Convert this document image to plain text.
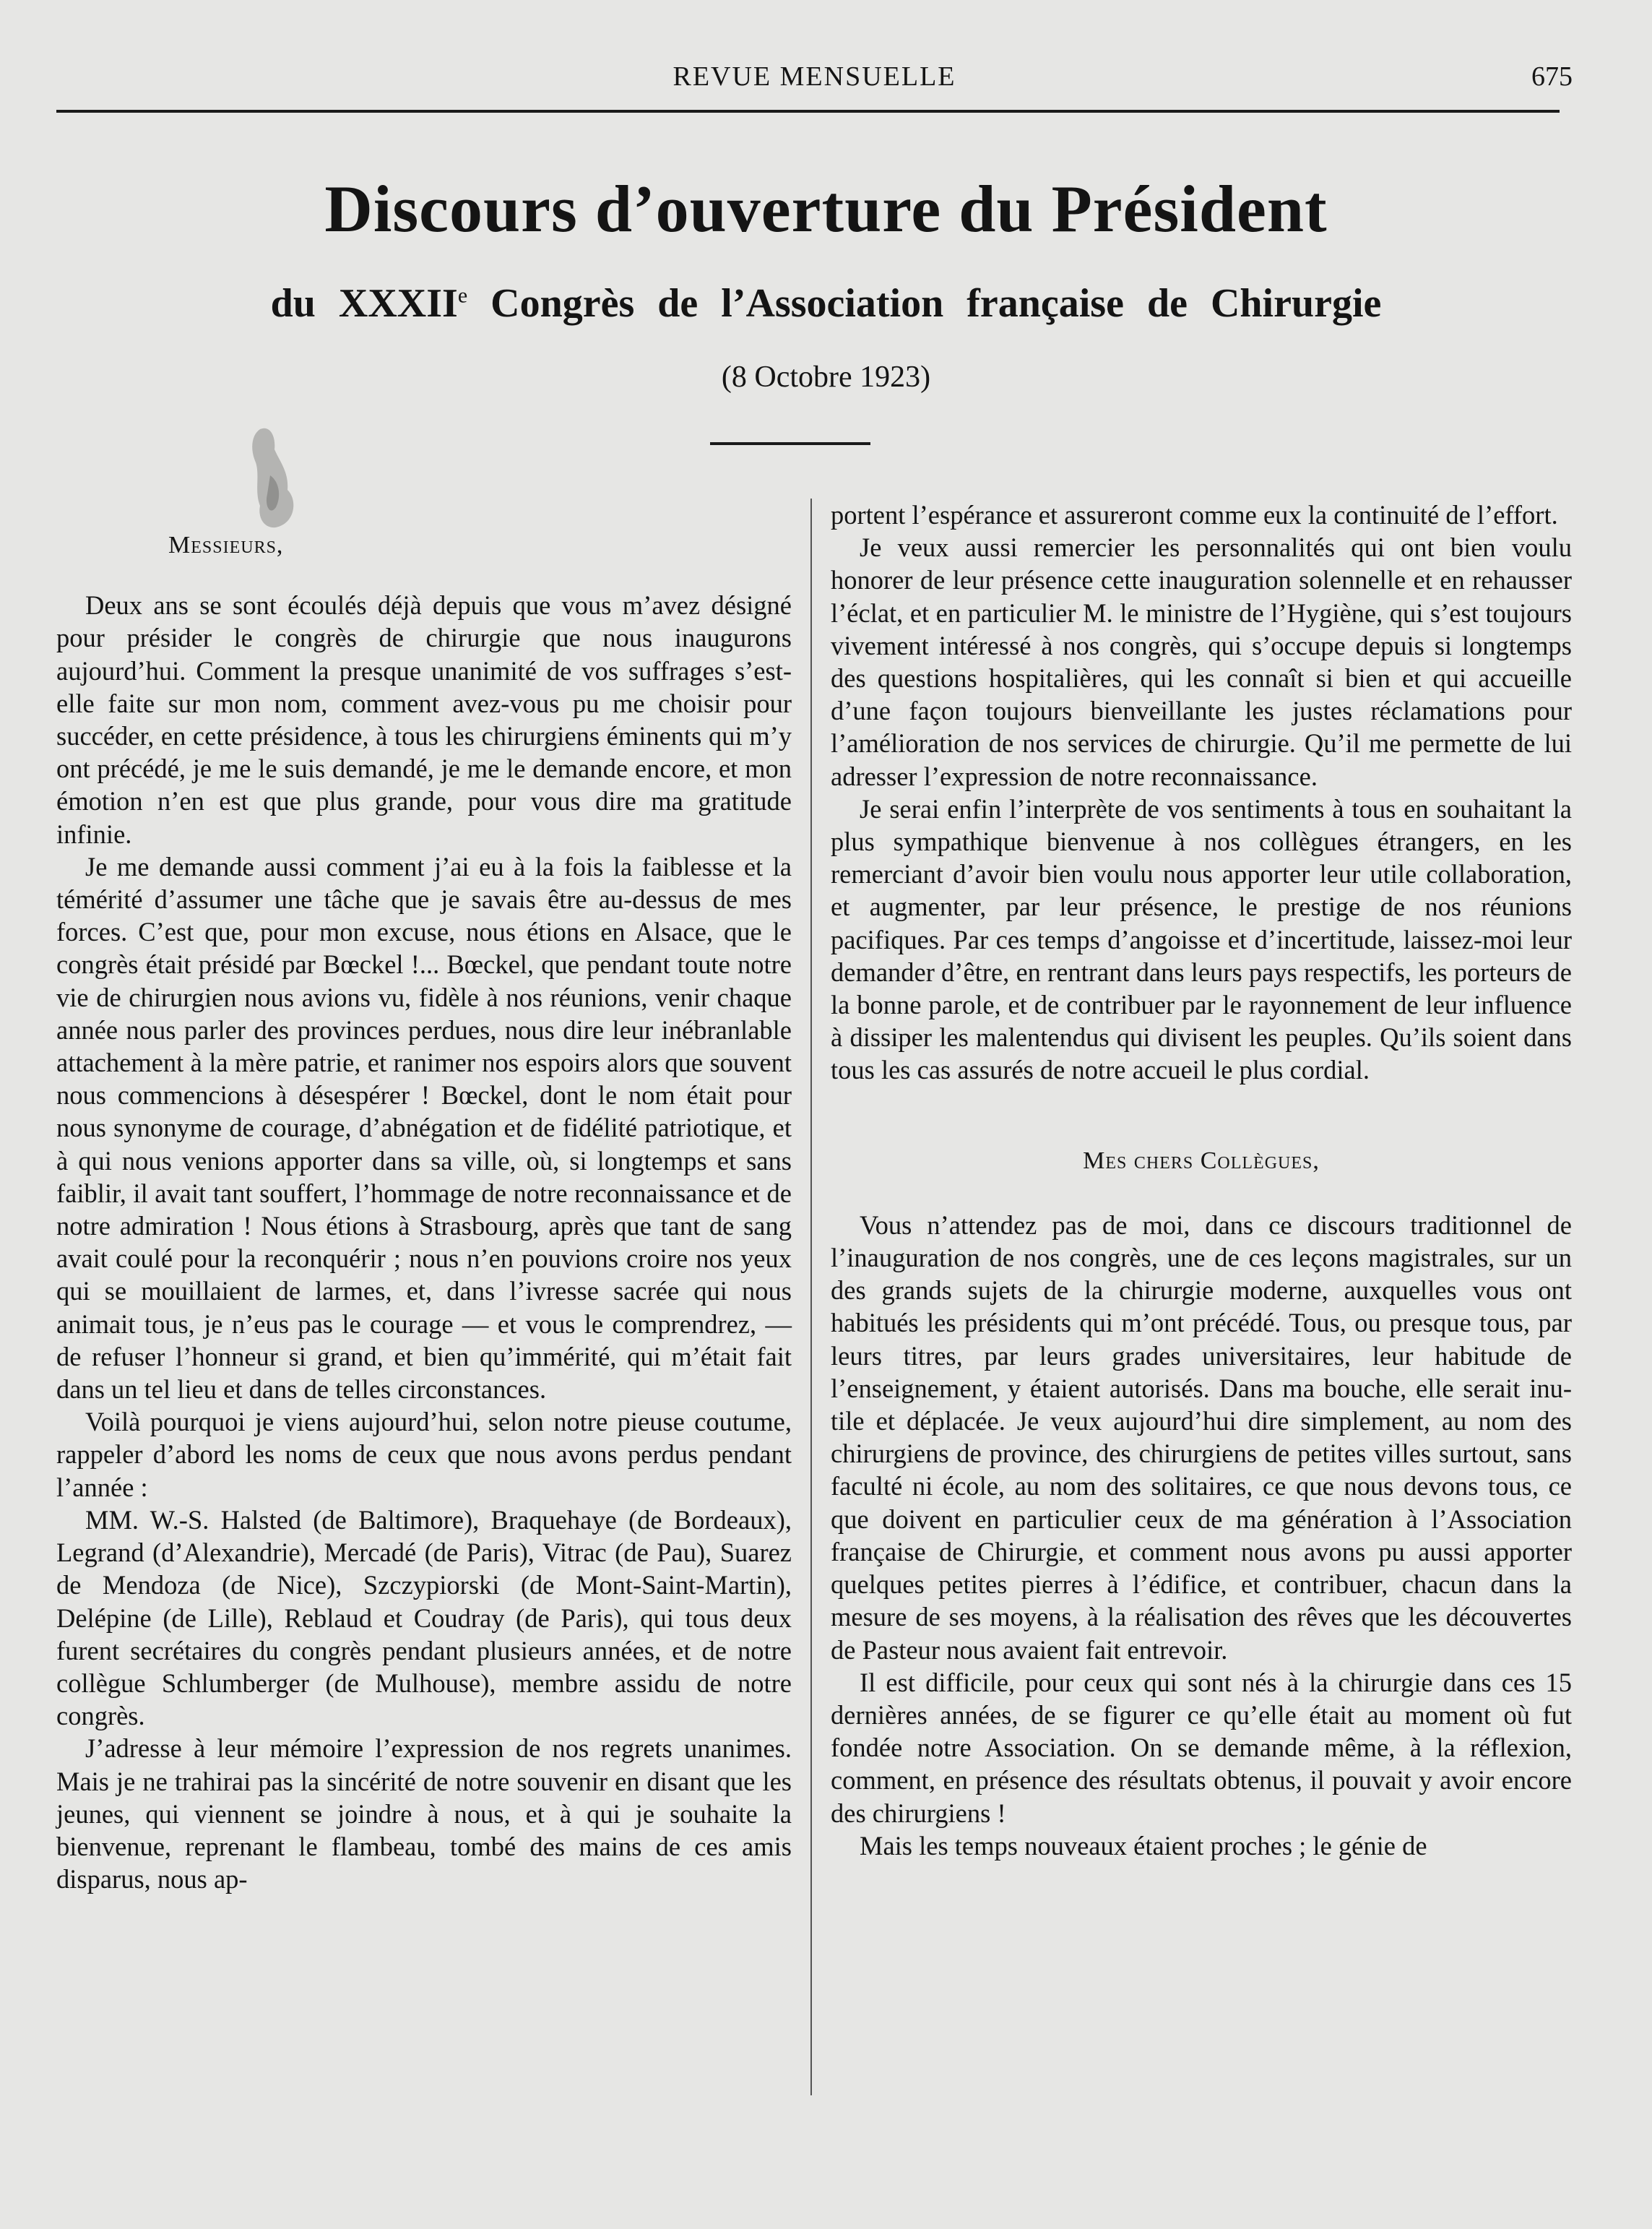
REVUE MENSUELLE	675
Discours d’ouverture du Président
du XXXIIe Congrès de l’Association française de Chirurgie
(8 Octobre 1923)

Messieurs,

Deux ans se sont écoulés déjà depuis que vous m’avez désigné pour présider le congrès de chirurgie que nous inaugurons aujourd’hui. Comment la presque unanimité de vos suffrages s’est-elle faite sur mon nom, comment avez-vous pu me choisir pour succéder, en cette présidence, à tous les chirurgiens éminents qui m’y ont précédé, je me le suis demandé, je me le demande encore, et mon émotion n’en est que plus grande, pour vous dire ma gratitude infinie.

Je me demande aussi comment j’ai eu à la fois la faiblesse et la témérité d’assumer une tâche que je savais être au-dessus de mes forces. C’est que, pour mon excuse, nous étions en Alsace, que le congrès était présidé par Bœckel !... Bœckel, que pendant toute notre vie de chirurgien nous avions vu, fidèle à nos réunions, venir chaque année nous parler des provinces perdues, nous dire leur inébranlable attachement à la mère patrie, et ranimer nos espoirs alors que souvent nous commencions à désespérer ! Bœckel, dont le nom était pour nous synonyme de courage, d’abnégation et de fidélité patriotique, et à qui nous venions apporter dans sa ville, où, si longtemps et sans faiblir, il avait tant souffert, l’hommage de notre reconnaissance et de notre admiration ! Nous étions à Strasbourg, après que tant de sang avait coulé pour la reconquérir ; nous n’en pouvions croire nos yeux qui se mouillaient de larmes, et, dans l’ivresse sacrée qui nous animait tous, je n’eus pas le courage — et vous le comprendrez, — de refuser l’honneur si grand, et bien qu’immérité, qui m’était fait dans un tel lieu et dans de telles circonstances.

Voilà pourquoi je viens aujourd’hui, selon notre pieuse coutume, rappeler d’abord les noms de ceux que nous avons perdus pendant l’année :

MM. W.-S. Halsted (de Baltimore), Braquehaye (de Bordeaux), Legrand (d’Alexandrie), Mercadé (de Paris), Vitrac (de Pau), Suarez de Mendoza (de Nice), Szczypiorski (de Mont-Saint-Martin), Delépine (de Lille), Reblaud et Coudray (de Paris), qui tous deux furent secrétaires du congrès pendant plusieurs années, et de notre collègue Schlumberger (de Mulhouse), membre assidu de notre congrès.

J’adresse à leur mémoire l’expression de nos regrets unanimes. Mais je ne trahirai pas la sincérité de notre souvenir en disant que les jeunes, qui viennent se joindre à nous, et à qui je souhaite la bienvenue, reprenant le flambeau, tombé des mains de ces amis disparus, nous ap-

portent l’espérance et assureront comme eux la continuité de l’effort.

Je veux aussi remercier les personnalités qui ont bien voulu honorer de leur présence cette inauguration solennelle et en rehausser l’éclat, et en particulier M. le ministre de l’Hygiène, qui s’est toujours vivement intéressé à nos congrès, qui s’occupe depuis si longtemps des questions hospitalières, qui les connaît si bien et qui accueille d’une façon toujours bienveillante les justes réclamations pour l’amélioration de nos services de chirurgie. Qu’il me permette de lui adresser l’expression de notre reconnaissance.

Je serai enfin l’interprète de vos sentiments à tous en souhaitant la plus sympathique bienvenue à nos collègues étrangers, en les remerciant d’avoir bien voulu nous apporter leur utile collaboration, et augmenter, par leur présence, le prestige de nos réunions pacifiques. Par ces temps d’angoisse et d’incertitude, laissez-moi leur demander d’être, en rentrant dans leurs pays respectifs, les porteurs de la bonne parole, et de contribuer par le rayonnement de leur influence à dissiper les malentendus qui divisent les peuples. Qu’ils soient dans tous les cas assurés de notre accueil le plus cordial.

Mes chers Collègues,

Vous n’attendez pas de moi, dans ce discours traditionnel de l’inauguration de nos congrès, une de ces leçons magistrales, sur un des grands sujets de la chirurgie moderne, auxquelles vous ont habitués les présidents qui m’ont précédé. Tous, ou presque tous, par leurs titres, par leurs grades universitaires, leur habitude de l’enseignement, y étaient autorisés. Dans ma bouche, elle serait inutile et déplacée. Je veux aujourd’hui dire simplement, au nom des chirurgiens de province, des chirurgiens de petites villes surtout, sans faculté ni école, au nom des solitaires, ce que nous devons tous, ce que doivent en particulier ceux de ma génération à l’Association française de Chirurgie, et comment nous avons pu aussi apporter quelques petites pierres à l’édifice, et contribuer, chacun dans la mesure de ses moyens, à la réalisation des rêves que les découvertes de Pasteur nous avaient fait entrevoir.

Il est difficile, pour ceux qui sont nés à la chirurgie dans ces 15 dernières années, de se figurer ce qu’elle était au moment où fut fondée notre Association. On se demande même, à la réflexion, comment, en présence des résultats obtenus, il pouvait y avoir encore des chirurgiens !

Mais les temps nouveaux étaient proches ; le génie de
